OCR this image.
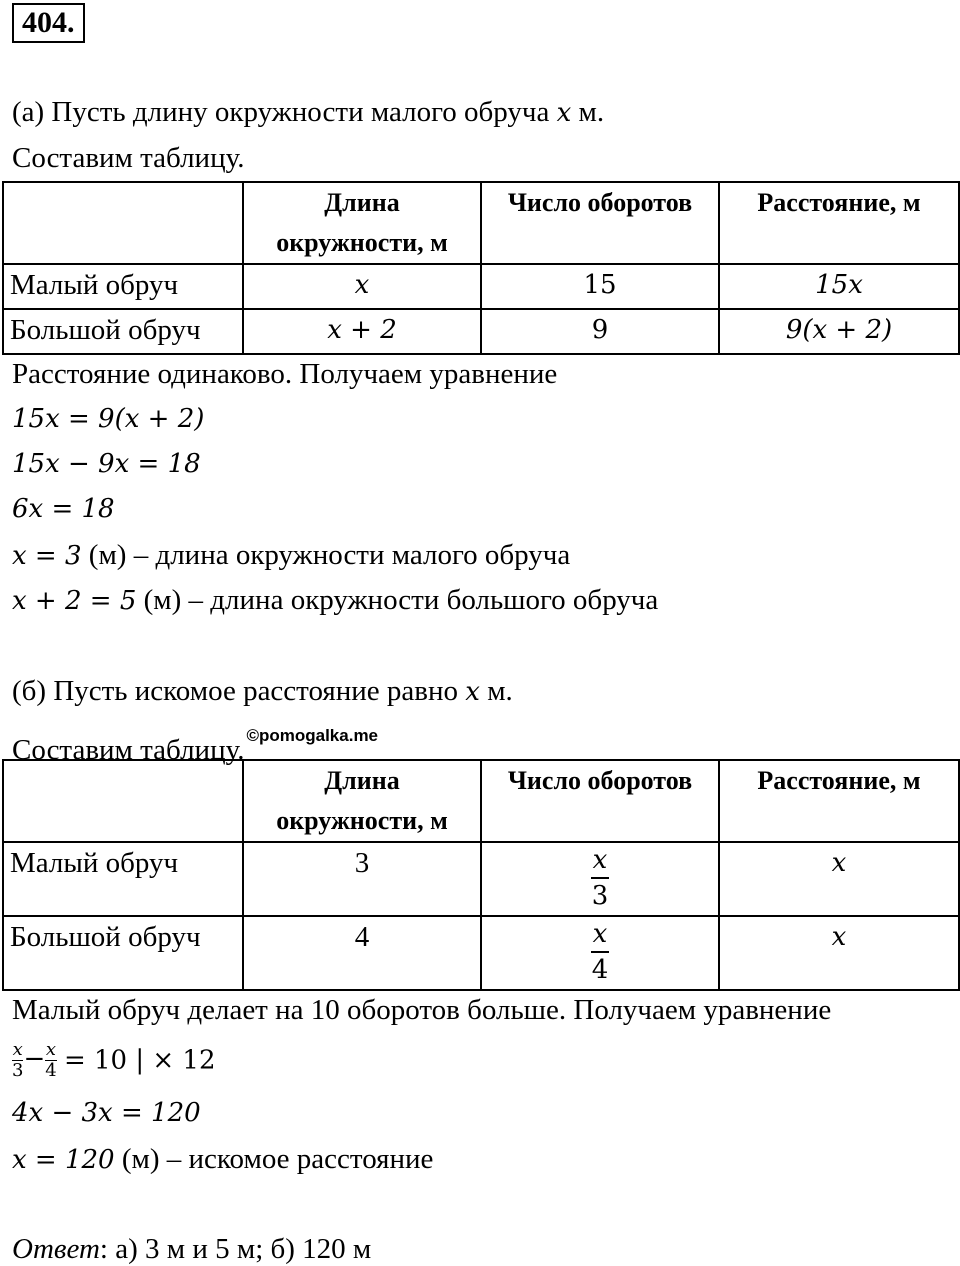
404.
(а) Пусть длину окружности малого обруча x м.
Составим таблицу.
	Длина окружности, м	Число оборотов	Расстояние, м
Малый обруч	x	15	15x
Большой обруч	x + 2	9	9(x + 2)
Расстояние одинаково. Получаем уравнение
15x = 9(x + 2)
15x − 9x = 18
6x = 18
x = 3 (м) – длина окружности малого обруча
x + 2 = 5 (м) – длина окружности большого обруча
(б) Пусть искомое расстояние равно x м.
Составим таблицу. $^{©pomogalka.me}$
	Длина окружности, м	Число оборотов	Расстояние, м
Малый обруч	3	$\frac{x}{3}$	x
Большой обруч	4	$\frac{x}{4}$	x
Малый обруч делает на 10 оборотов больше. Получаем уравнение
$\frac{x}{3} - \frac{x}{4} = 10$ | × 12
4x − 3x = 120
x = 120 (м) – искомое расстояние
Ответ: а) 3 м и 5 м; б) 120 м
